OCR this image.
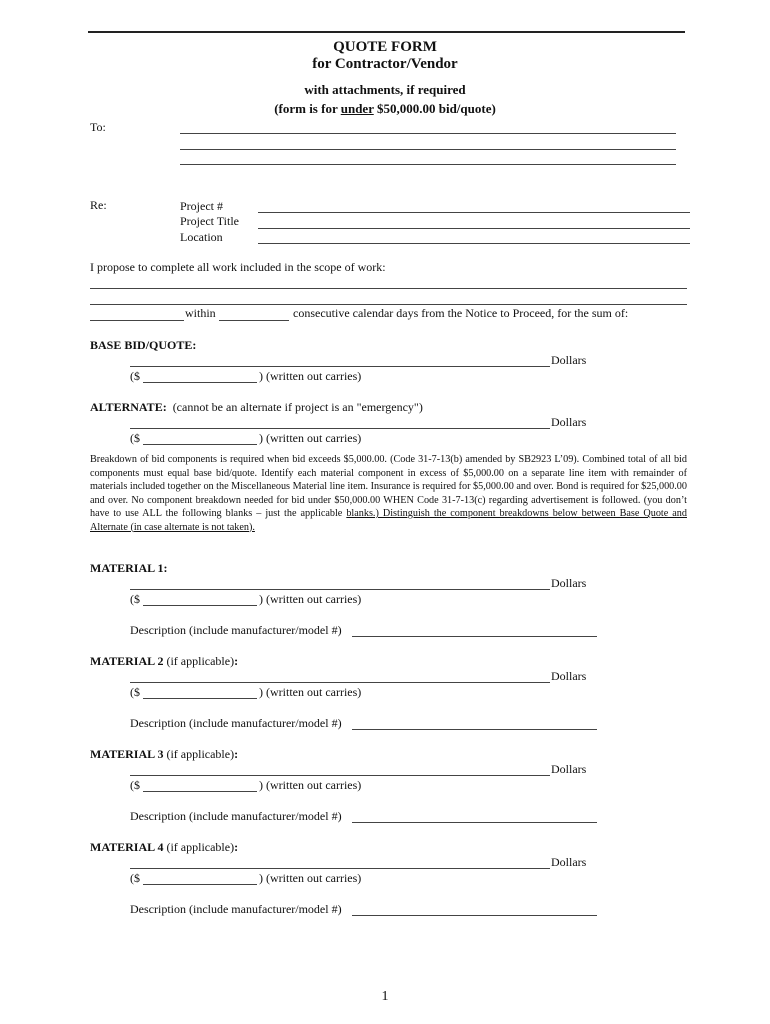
QUOTE FORM
for Contractor/Vendor
with attachments, if required
(form is for under $50,000.00 bid/quote)
To:
Re:	Project #
Project Title
Location
I propose to complete all work included in the scope of work:
within	consecutive calendar days from the Notice to Proceed, for the sum of:
BASE BID/QUOTE:
Dollars
($	) (written out carries)
ALTERNATE: (cannot be an alternate if project is an "emergency")
Dollars
($	) (written out carries)
Breakdown of bid components is required when bid exceeds $5,000.00. (Code 31-7-13(b) amended by SB2923 L’09). Combined total of all bid components must equal base bid/quote. Identify each material component in excess of $5,000.00 on a separate line item with remainder of materials included together on the Miscellaneous Material line item. Insurance is required for $5,000.00 and over. Bond is required for $25,000.00 and over. No component breakdown needed for bid under $50,000.00 WHEN Code 31-7-13(c) regarding advertisement is followed. (you don’t have to use ALL the following blanks – just the applicable blanks.) Distinguish the component breakdowns below between Base Quote and Alternate (in case alternate is not taken).
MATERIAL 1:
Dollars
($	) (written out carries)
Description (include manufacturer/model #)
MATERIAL 2 (if applicable):
Dollars
($	) (written out carries)
Description (include manufacturer/model #)
MATERIAL 3 (if applicable):
Dollars
($	) (written out carries)
Description (include manufacturer/model #)
MATERIAL 4 (if applicable):
Dollars
($	) (written out carries)
Description (include manufacturer/model #)
1
